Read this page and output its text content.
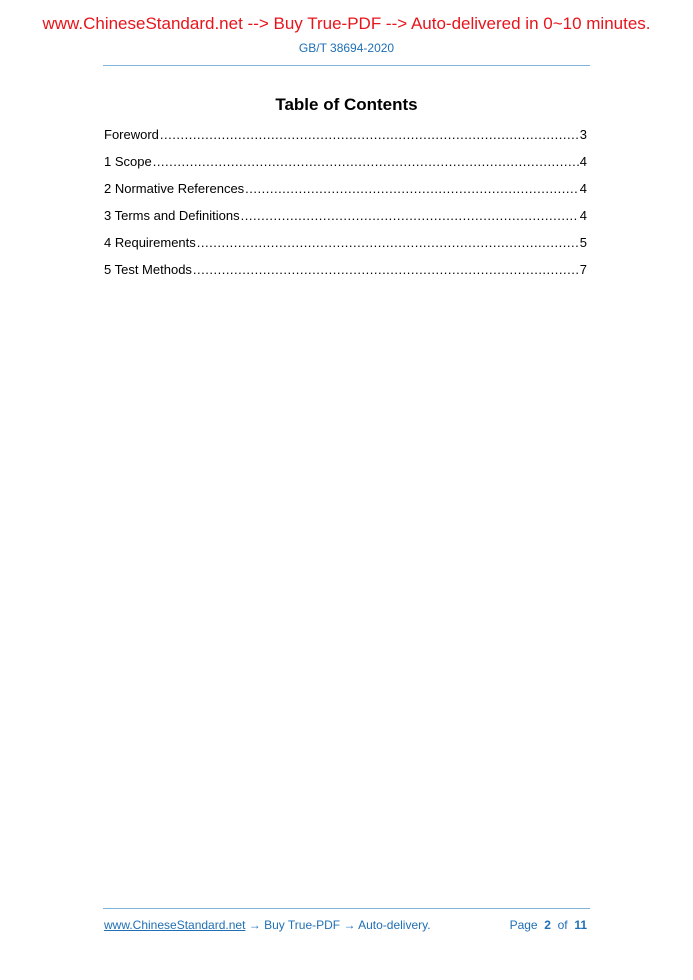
www.ChineseStandard.net --> Buy True-PDF --> Auto-delivered in 0~10 minutes.
GB/T 38694-2020
Table of Contents
Foreword .....	3
1 Scope .....	4
2 Normative References .....	4
3 Terms and Definitions .....	4
4 Requirements .....	5
5 Test Methods .....	7
www.ChineseStandard.net → Buy True-PDF → Auto-delivery.	Page 2 of 11
